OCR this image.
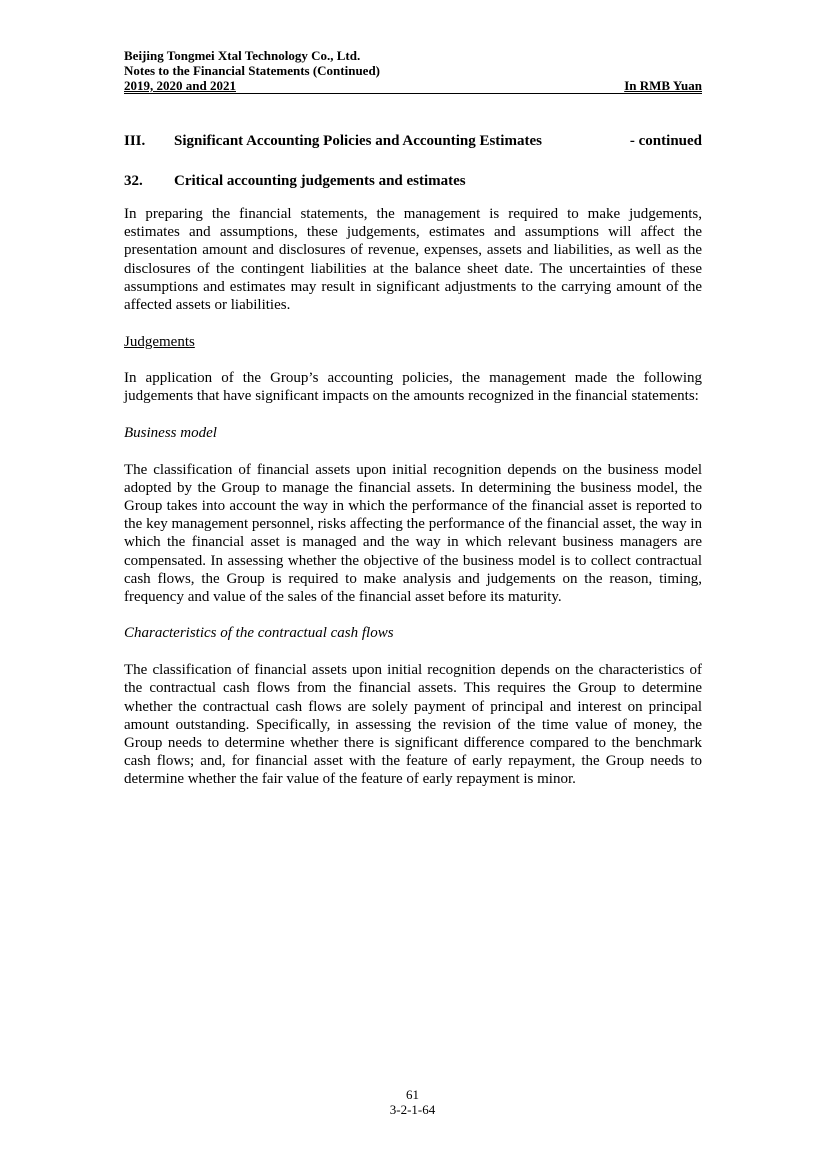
Beijing Tongmei Xtal Technology Co., Ltd.
Notes to the Financial Statements (Continued)
2019, 2020 and 2021	In RMB Yuan
III.	Significant Accounting Policies and Accounting Estimates	- continued
32.	Critical accounting judgements and estimates

In preparing the financial statements, the management is required to make judgements, estimates and assumptions, these judgements, estimates and assumptions will affect the presentation amount and disclosures of revenue, expenses, assets and liabilities, as well as the disclosures of the contingent liabilities at the balance sheet date. The uncertainties of these assumptions and estimates may result in significant adjustments to the carrying amount of the affected assets or liabilities.

Judgements

In application of the Group’s accounting policies, the management made the following judgements that have significant impacts on the amounts recognized in the financial statements:

Business model

The classification of financial assets upon initial recognition depends on the business model adopted by the Group to manage the financial assets. In determining the business model, the Group takes into account the way in which the performance of the financial asset is reported to the key management personnel, risks affecting the performance of the financial asset, the way in which the financial asset is managed and the way in which relevant business managers are compensated. In assessing whether the objective of the business model is to collect contractual cash flows, the Group is required to make analysis and judgements on the reason, timing, frequency and value of the sales of the financial asset before its maturity.

Characteristics of the contractual cash flows

The classification of financial assets upon initial recognition depends on the characteristics of the contractual cash flows from the financial assets. This requires the Group to determine whether the contractual cash flows are solely payment of principal and interest on principal amount outstanding. Specifically, in assessing the revision of the time value of money, the Group needs to determine whether there is significant difference compared to the benchmark cash flows; and, for financial asset with the feature of early repayment, the Group needs to determine whether the fair value of the feature of early repayment is minor.

61
3-2-1-64
